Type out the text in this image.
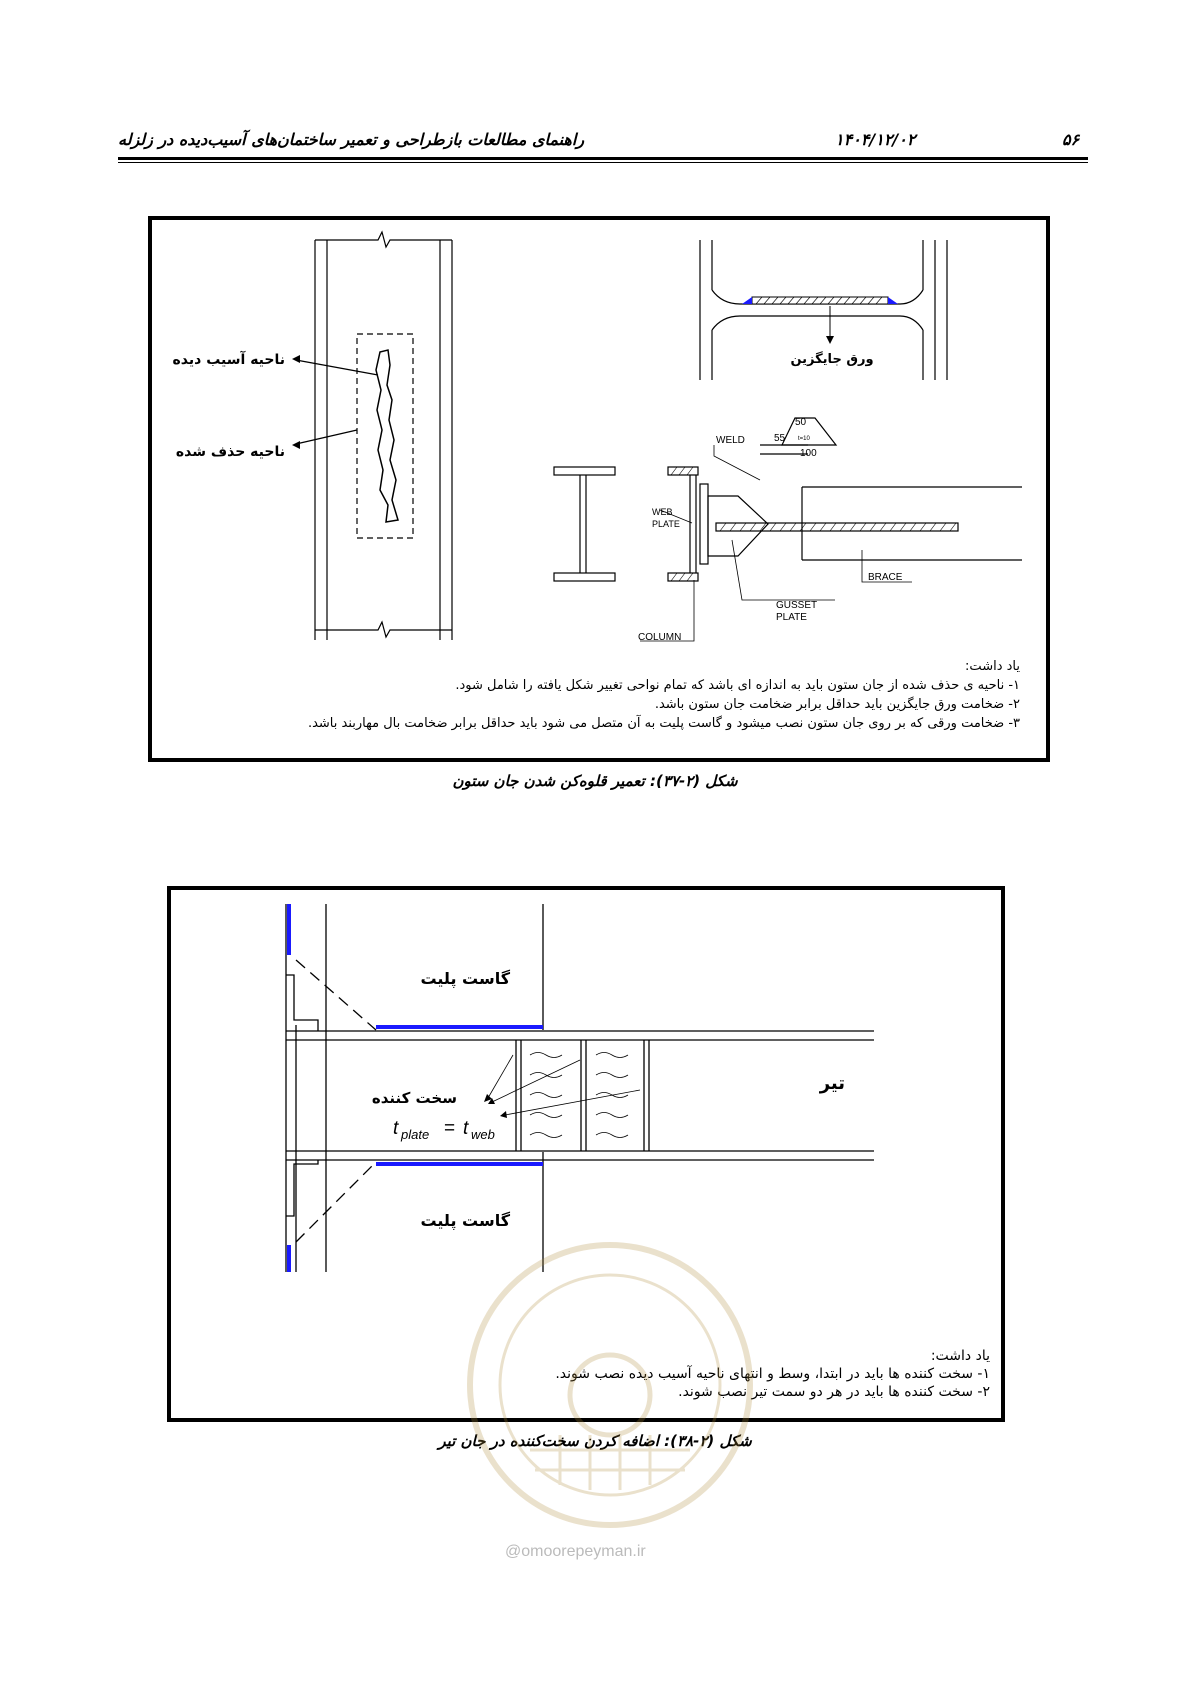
۵۶
۱۴۰۴/۱۲/۰۲
راهنمای مطالعات بازطراحی و تعمیر ساختمان‌های آسیب‌دیده در زلزله
ناحیه آسیب دیده
ناحیه حذف شده
ورق جایگزین
WELD
WEB
PLATE
GUSSET
PLATE
COLUMN
BRACE
50
55 t=10
100
یاد داشت:
۱- ناحیه ی حذف شده از جان ستون باید به اندازه ای باشد که تمام نواحی تغییر شکل یافته را شامل شود.
۲- ضخامت ورق جایگزین باید حداقل برابر ضخامت جان ستون باشد.
۳- ضخامت ورقی که بر روی جان ستون نصب میشود و گاست پلیت به آن متصل می شود باید حداقل برابر ضخامت بال مهاربند باشد.
شکل (۲-۳۷): تعمیر قلوه‌کن شدن جان ستون
گاست پلیت
گاست پلیت
تیر
سخت کننده
t plate = t web
یاد داشت:
۱- سخت کننده ها باید در ابتدا، وسط و انتهای ناحیه آسیب دیده نصب شوند.
۲- سخت کننده ها باید در هر دو سمت تیر نصب شوند.
شکل (۲-۳۸): اضافه کردن سخت‌کننده در جان تیر
@omoorepeyman.ir
